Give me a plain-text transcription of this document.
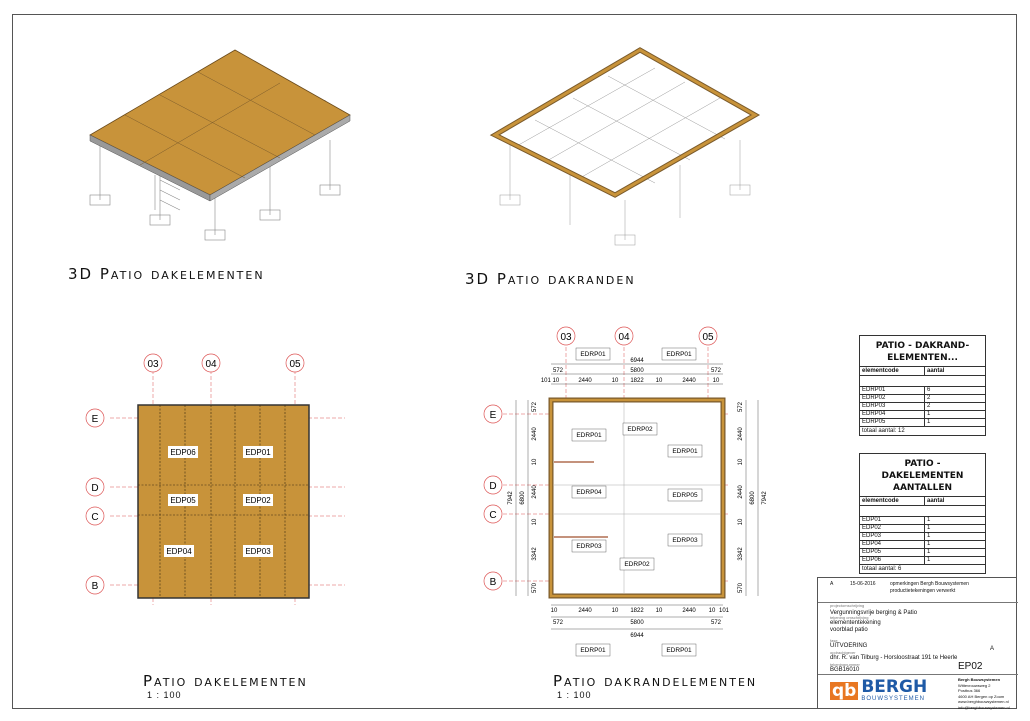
3D Patio dakelementen	3D Patio dakranden
03	04	05
E
D
C
B
EDP06	EDP01
EDP05	EDP02
EDP04	EDP03
03	04	05
E
D
C
B
6944
5800
572	572
101 10	2440	10 1822 10	2440	10
10	2440	10 1822 10	2440 10 101
5800
572	572
6944
7942 6800
572
2440
10
2440
10
3342
570
572
2440
10
2440
10
3342
570
6800 7942
EDRP01	EDRP01
EDRP01	EDRP01
EDRP01
EDRP02
EDRP01
EDRP04	EDRP05
EDRP03
EDRP03
EDRP02
Patio dakelementen
1 : 100
Patio dakrandelementen
1 : 100
PATIO - DAKRAND-ELEMENTEN...
elementcode	aantal
EDRP01	6
EDRP02	2
EDRP03	2
EDRP04	1
EDRP05	1
totaal aantal: 12
PATIO - DAKELEMENTEN AANTALLEN
elementcode	aantal
EDP01	1
EDP02	1
EDP03	1
EDP04	1
EDP05	1
EDP06	1
totaal aantal: 6
A	15-06-2016	opmerkingen Bergh Bouwsystemen
productietekeningen verwerkt
projectomschrijving
Vergunningsvrije berging & Patio
tekening omschrijving
elemententekening
voorblad patio
fase
UITVOERING
opdrachtgever
dhr. R. van Tilburg - Horsloostraat 191 te Heerle
tekeningnummer
BGB16010	EP02
A
qb BERGH
BOUWSYSTEMEN
Bergh Bouwsystemen
Wittevrouwsweg 2
Postbus 366
4600 AH Bergen op Zoom
www.berghbouwsystemen.nl
info@berghbouwsystemen.nl
